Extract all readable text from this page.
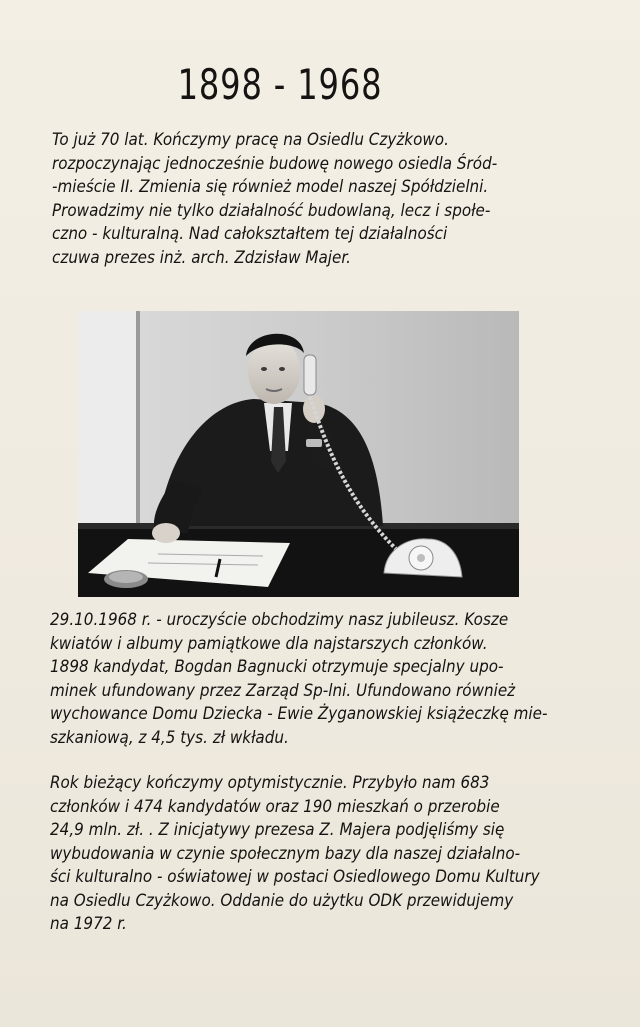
1898 - 1968
To już 70 lat. Kończymy pracę na Osiedlu Czyżkowo.
rozpoczynając jednocześnie budowę nowego osiedla Śród-
-mieście II. Zmienia się również model naszej Spółdzielni.
Prowadzimy nie tylko działalność budowlaną, lecz i społe-
czno - kulturalną. Nad całokształtem tej działalności
czuwa prezes inż. arch. Zdzisław Majer.
29.10.1968 r. - uroczyście obchodzimy nasz jubileusz. Kosze
kwiatów i albumy pamiątkowe dla najstarszych członków.
1898 kandydat, Bogdan Bagnucki otrzymuje specjalny upo-
minek ufundowany przez Zarząd Sp-lni. Ufundowano również
wychowance Domu Dziecka - Ewie Żyganowskiej książeczkę mie-
szkaniową, z 4,5 tys. zł wkładu.
Rok bieżący kończymy optymistycznie. Przybyło nam 683
członków i 474 kandydatów oraz 190 mieszkań o przerobie
24,9 mln. zł. . Z inicjatywy prezesa Z. Majera podjęliśmy się
wybudowania w czynie społecznym bazy dla naszej działalno-
ści kulturalno - oświatowej w postaci Osiedlowego Domu Kultury
na Osiedlu Czyżkowo. Oddanie do użytku ODK przewidujemy
na 1972 r.
